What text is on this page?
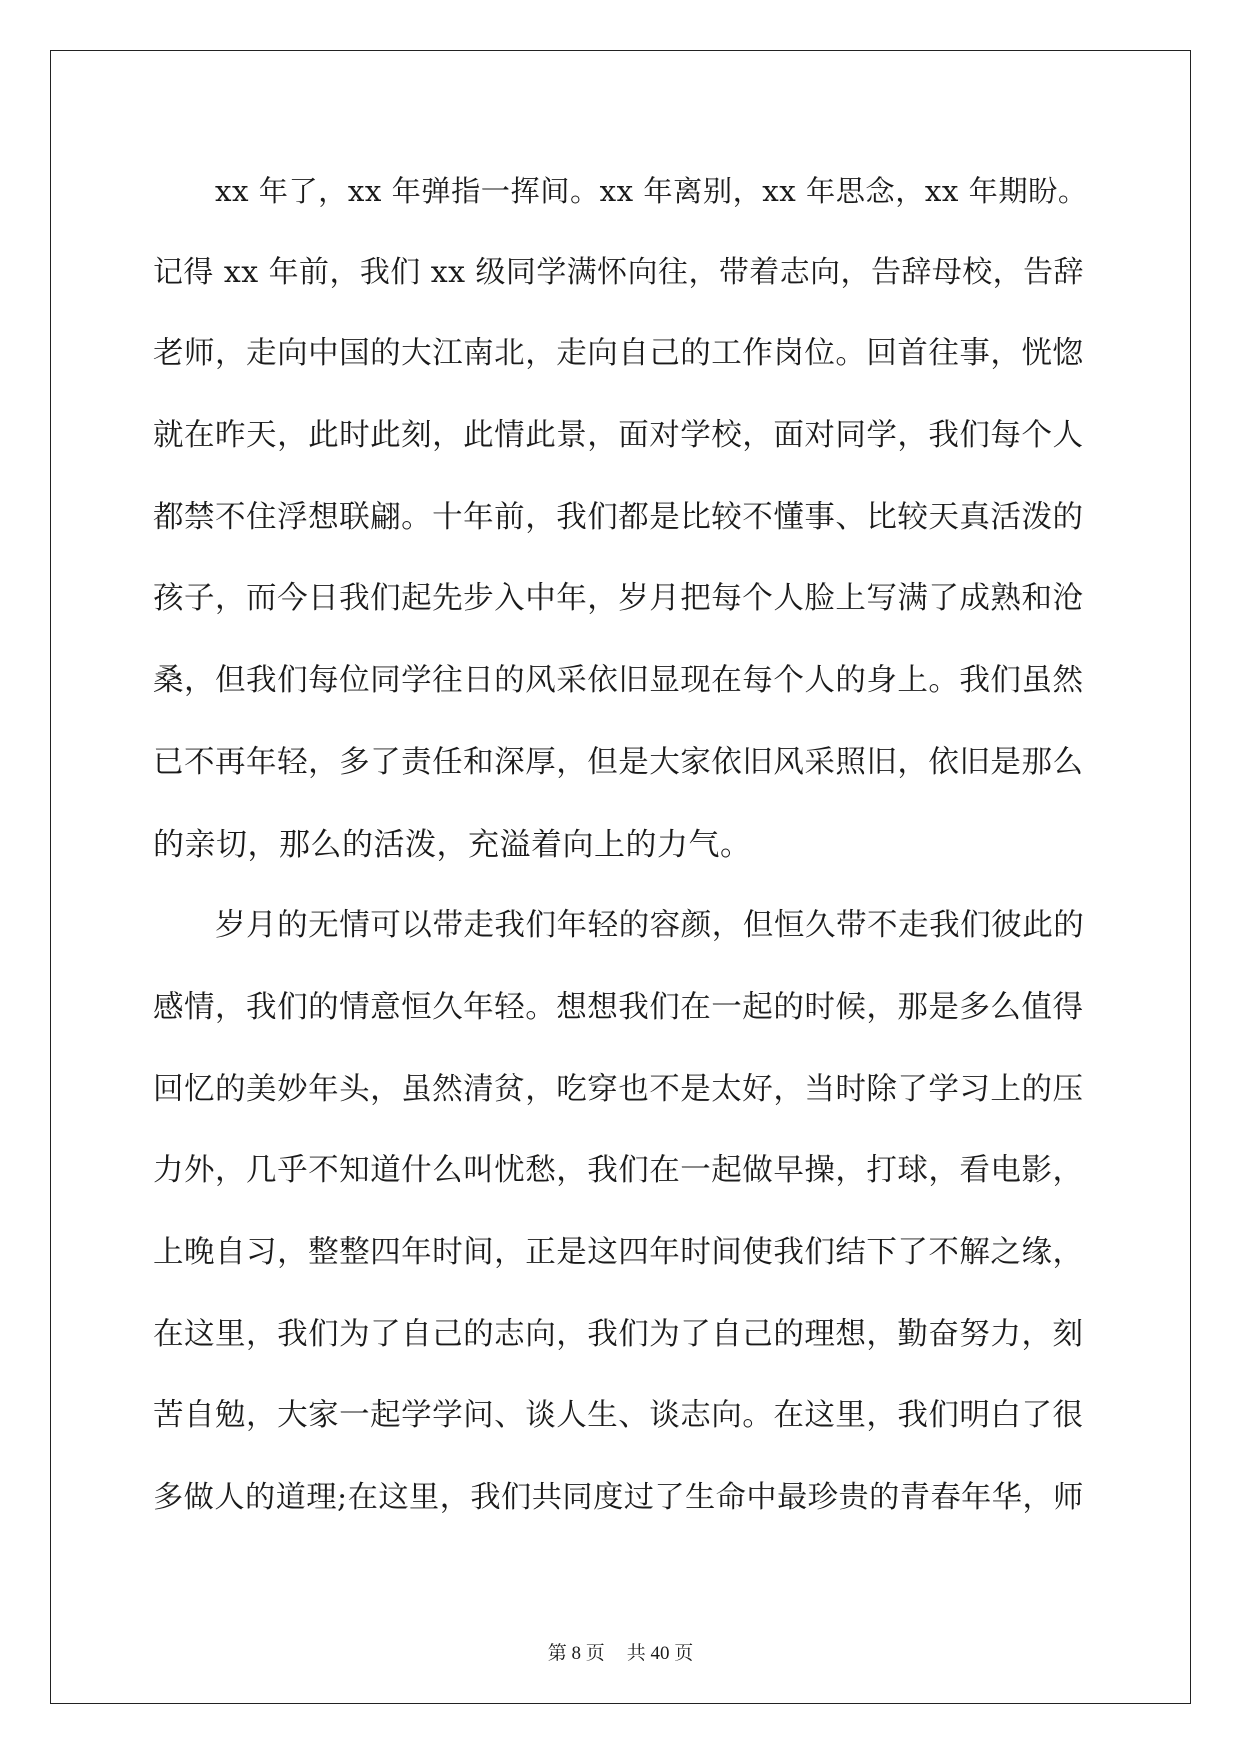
xx 年了，xx 年弹指一挥间。xx 年离别，xx 年思念，xx 年期盼。
记得 xx 年前，我们 xx 级同学满怀向往，带着志向，告辞母校，告辞
老师，走向中国的大江南北，走向自己的工作岗位。回首往事，恍惚
就在昨天，此时此刻，此情此景，面对学校，面对同学，我们每个人
都禁不住浮想联翩。十年前，我们都是比较不懂事、比较天真活泼的
孩子，而今日我们起先步入中年，岁月把每个人脸上写满了成熟和沧
桑，但我们每位同学往日的风采依旧显现在每个人的身上。我们虽然
已不再年轻，多了责任和深厚，但是大家依旧风采照旧，依旧是那么
的亲切，那么的活泼，充溢着向上的力气。
岁月的无情可以带走我们年轻的容颜，但恒久带不走我们彼此的
感情，我们的情意恒久年轻。想想我们在一起的时候，那是多么值得
回忆的美妙年头，虽然清贫，吃穿也不是太好，当时除了学习上的压
力外，几乎不知道什么叫忧愁，我们在一起做早操，打球，看电影，
上晚自习，整整四年时间，正是这四年时间使我们结下了不解之缘，
在这里，我们为了自己的志向，我们为了自己的理想，勤奋努力，刻
苦自勉，大家一起学学问、谈人生、谈志向。在这里，我们明白了很
多做人的道理;在这里，我们共同度过了生命中最珍贵的青春年华，师
第 8 页 共 40 页
